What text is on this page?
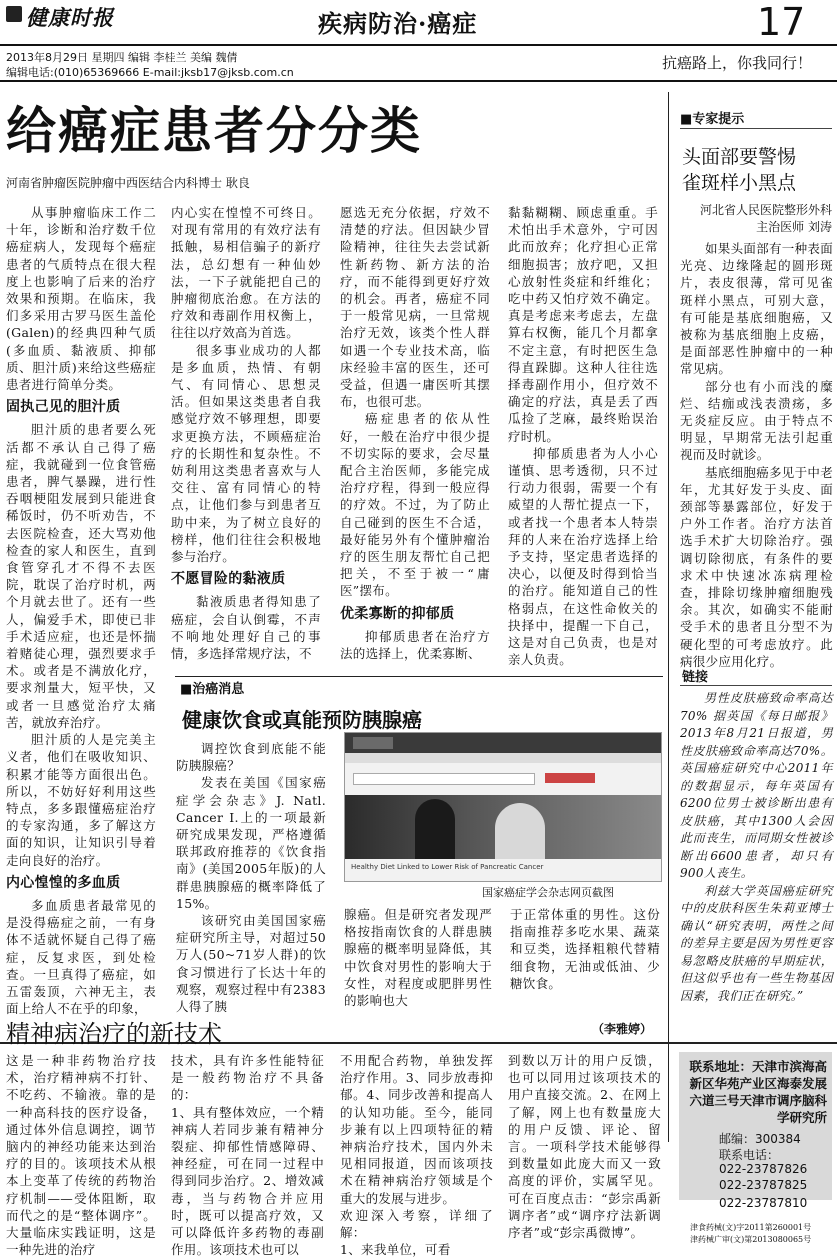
健康时报	疾病防治·癌症	17
2013年8月29日 星期四 编辑 李桂兰 美编 魏倩
编辑电话:(010)65369666 E-mail:jksb17@jksb.com.cn
抗癌路上，你我同行！
给癌症患者分分类
河南省肿瘤医院肿瘤中西医结合内科博士 耿良

从事肿瘤临床工作二十年，诊断和治疗数千位癌症病人，发现每个癌症患者的气质特点在很大程度上也影响了后来的治疗效果和预期。在临床，我们多采用古罗马医生盖伦(Galen)的经典四种气质(多血质、黏液质、抑郁质、胆汁质)来给这些癌症患者进行简单分类。

固执己见的胆汁质

胆汁质的患者要么死活都不承认自己得了癌症，我就碰到一位食管癌患者，脾气暴躁，进行性吞咽梗阻发展到只能进食稀饭时，仍不听劝告，不去医院检查，还大骂劝他检查的家人和医生，直到食管穿孔才不得不去医院，耽误了治疗时机，两个月就去世了。还有一些人，偏爱手术，即使已非手术适应症，也还是怀揣着赌徒心理，强烈要求手术。或者是不满放化疗，要求剂量大，短平快，又或者一旦感觉治疗太痛苦，就放弃治疗。

胆汁质的人是完美主义者，他们在吸收知识、积累才能等方面很出色。所以，不妨好好利用这些特点，多多跟懂癌症治疗的专家沟通，多了解这方面的知识，让知识引导着走向良好的治疗。

内心惶惶的多血质

多血质患者最常见的是没得癌症之前，一有身体不适就怀疑自己得了癌症，反复求医，到处检查。一旦真得了癌症，如五雷轰顶，六神无主，表面上给人不在乎的印象，

内心实在惶惶不可终日。对现有常用的有效疗法有抵触，易相信骗子的新疗法，总幻想有一种仙妙法，一下子就能把自己的肿瘤彻底治愈。在方法的疗效和毒副作用权衡上，往往以疗效高为首选。

很多事业成功的人都是多血质，热情、有朝气、有同情心、思想灵活。但如果这类患者自我感觉疗效不够理想，即要求更换方法，不顾癌症治疗的长期性和复杂性。不妨利用这类患者喜欢与人交往、富有同情心的特点，让他们参与到患者互助中来，为了树立良好的榜样，他们往往会积极地参与治疗。

不愿冒险的黏液质

黏液质患者得知患了癌症，会自认倒霉，不声不响地处理好自己的事情，多选择常规疗法，不

愿选无充分依据，疗效不清楚的疗法。但因缺少冒险精神，往往失去尝试新性新药物、新方法的治疗，而不能得到更好疗效的机会。再者，癌症不同于一般常见病，一旦常规治疗无效，该类个性人群如遇一个专业技术高，临床经验丰富的医生，还可受益，但遇一庸医听其摆布，也很可悲。

癌症患者的依从性好，一般在治疗中很少提不切实际的要求，会尽量配合主治医师，多能完成治疗疗程，得到一般应得的疗效。不过，为了防止自己碰到的医生不合适，最好能另外有个懂肿瘤治疗的医生朋友帮忙自己把把关，不至于被一“庸医”摆布。

优柔寡断的抑郁质

抑郁质患者在治疗方法的选择上，优柔寡断、

黏黏糊糊、顾虑重重。手术怕出手术意外，宁可因此而放弃；化疗担心正常细胞损害；放疗吧，又担心放射性炎症和纤维化；吃中药又怕疗效不确定。真是考虑来考虑去，左盘算右权衡，能几个月都拿不定主意，有时把医生急得直跺脚。这种人往往选择毒副作用小，但疗效不确定的疗法，真是丢了西瓜捡了芝麻，最终贻误治疗时机。

抑郁质患者为人小心谨慎、思考透彻，只不过行动力很弱，需要一个有威望的人帮忙提点一下，或者找一个患者本人特崇拜的人来在治疗选择上给予支持，坚定患者选择的决心，以便及时得到恰当的治疗。能知道自己的性格弱点，在这性命攸关的抉择中，提醒一下自己，这是对自己负责，也是对亲人负责。

■专家提示
头面部要警惕
雀斑样小黑点
河北省人民医院整形外科主治医师 刘涛

如果头面部有一种表面光亮、边缘隆起的圆形斑片，表皮很薄，常可见雀斑样小黑点，可别大意，有可能是基底细胞癌，又被称为基底细胞上皮癌，是面部恶性肿瘤中的一种常见病。

部分也有小而浅的糜烂、结痂或浅表溃疡，多无炎症反应。由于特点不明显，早期常无法引起重视而及时就诊。

基底细胞癌多见于中老年，尤其好发于头皮、面颈部等暴露部位，好发于户外工作者。治疗方法首选手术扩大切除治疗。强调切除彻底，有条件的要求术中快速冰冻病理检查，排除切缘肿瘤细胞残余。其次，如确实不能耐受手术的患者且分型不为硬化型的可考虑放疗。此病很少应用化疗。

链接

男性皮肤癌致命率高达70% 据英国《每日邮报》2013年8月21日报道，男性皮肤癌致命率高达70%。英国癌症研究中心2011年的数据显示，每年英国有6200位男士被诊断出患有皮肤癌，其中1300人会因此而丧生，而同期女性被诊断出6600患者，却只有900人丧生。

利兹大学英国癌症研究中的皮肤科医生朱莉亚博士确认“研究表明，两性之间的差异主要是因为男性更容易忽略皮肤癌的早期症状，但这似乎也有一些生物基因因素，我们正在研究。”

■治癌消息
健康饮食或真能预防胰腺癌

调控饮食到底能不能防胰腺癌？

发表在美国《国家癌症学会杂志》J. Natl. Cancer I.上的一项最新研究成果发现，严格遵循联邦政府推荐的《饮食指南》(美国2005年版)的人群患胰腺癌的概率降低了15%。

该研究由美国国家癌症研究所主导，对超过50万人(50~71岁人群)的饮食习惯进行了长达十年的观察，观察过程中有2383人得了胰

Healthy Diet Linked to Lower Risk of Pancreatic Cancer
国家癌症学会杂志网页截图
腺癌。但是研究者发现严格按指南饮食的人群患胰腺癌的概率明显降低，其中饮食对男性的影响大于女性，对程度或肥胖男性的影响也大
于正常体重的男性。这份指南推荐多吃水果、蔬菜和豆类，选择粗粮代替精细食物，无油或低油、少糖饮食。
（李雅婷）
精神病治疗的新技术
这是一种非药物治疗技术，治疗精神病不打针、不吃药、不输液。靠的是一种高科技的医疗设备，通过体外信息调控，调节脑内的神经功能来达到治疗的目的。该项技术从根本上变革了传统的药物治疗机制——受体阻断，取而代之的是“整体调序”。大量临床实践证明，这是一种先进的治疗
技术，具有许多性能特征是一般药物治疗不具备的：
1、具有整体效应，一个精神病人若同步兼有精神分裂症、抑郁性情感障碍、神经症，可在同一过程中得到同步治疗。2、增效减毒，当与药物合并应用时，既可以提高疗效，又可以降低许多药物的毒副作用。该项技术也可以
不用配合药物，单独发挥治疗作用。3、同步放毒抑郁。4、同步改善和提高人的认知功能。至今，能同步兼有以上四项特征的精神病治疗技术，国内外未见相同报道，因而该项技术在精神病治疗领域是个重大的发展与进步。
欢迎深入考察，详细了解：
1、来我单位，可看
到数以万计的用户反馈，也可以同用过该项技术的用户直接交流。2、在网上了解，网上也有数量庞大的用户反馈、评论、留言。一项科学技术能够得到数量如此庞大而又一致高度的评价，实属罕见。可在百度点击：“彭宗禹新调序者”或“调序疗法新调序者”或“彭宗禹微博”。
联系地址：天津市滨海高新区华苑产业区海泰发展六道三号天津市调序脑科学研究所
邮编：300384
联系电话：
022-23787826
022-23787825
022-23787810
津食药械(文)字2011第260001号
津药械广审(文)第2013080065号
